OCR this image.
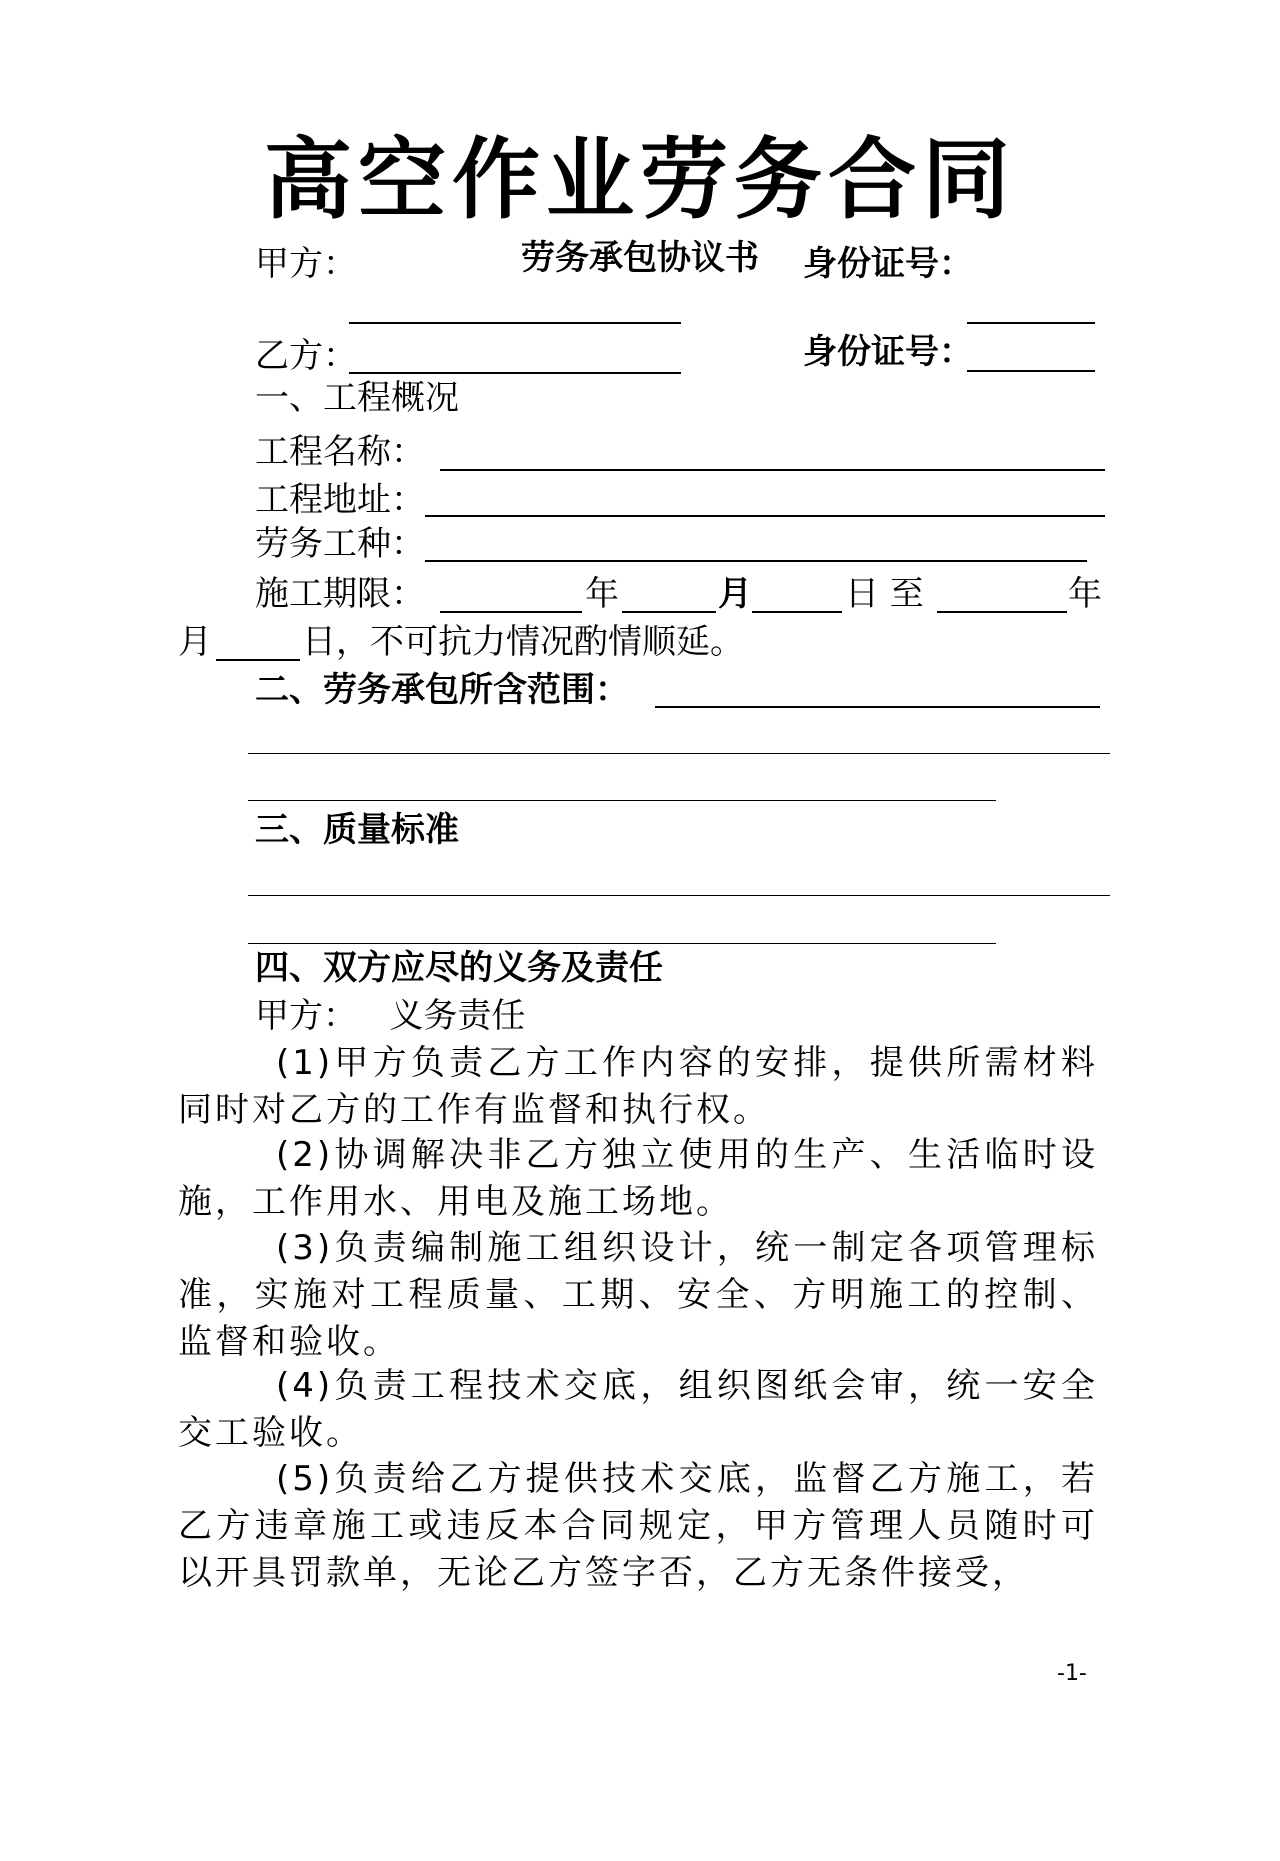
高空作业劳务合同
劳务承包协议书
甲方：	身份证号：
乙方：	身份证号：
一、工程概况
工程名称：
工程地址：
劳务工种：
施工期限：	年	月	日 至	年
月	日，不可抗力情况酌情顺延。
二、劳务承包所含范围：
三、质量标准
四、双方应尽的义务及责任
甲方：   义务责任
(1)甲方负责乙方工作内容的安排，提供所需材料同时对乙方的工作有监督和执行权。
(2)协调解决非乙方独立使用的生产、生活临时设施，工作用水、用电及施工场地。
(3)负责编制施工组织设计，统一制定各项管理标准，实施对工程质量、工期、安全、方明施工的控制、监督和验收。
(4)负责工程技术交底，组织图纸会审，统一安全交工验收。
(5)负责给乙方提供技术交底，监督乙方施工，若乙方违章施工或违反本合同规定，甲方管理人员随时可以开具罚款单，无论乙方签字否，乙方无条件接受，
-1-
